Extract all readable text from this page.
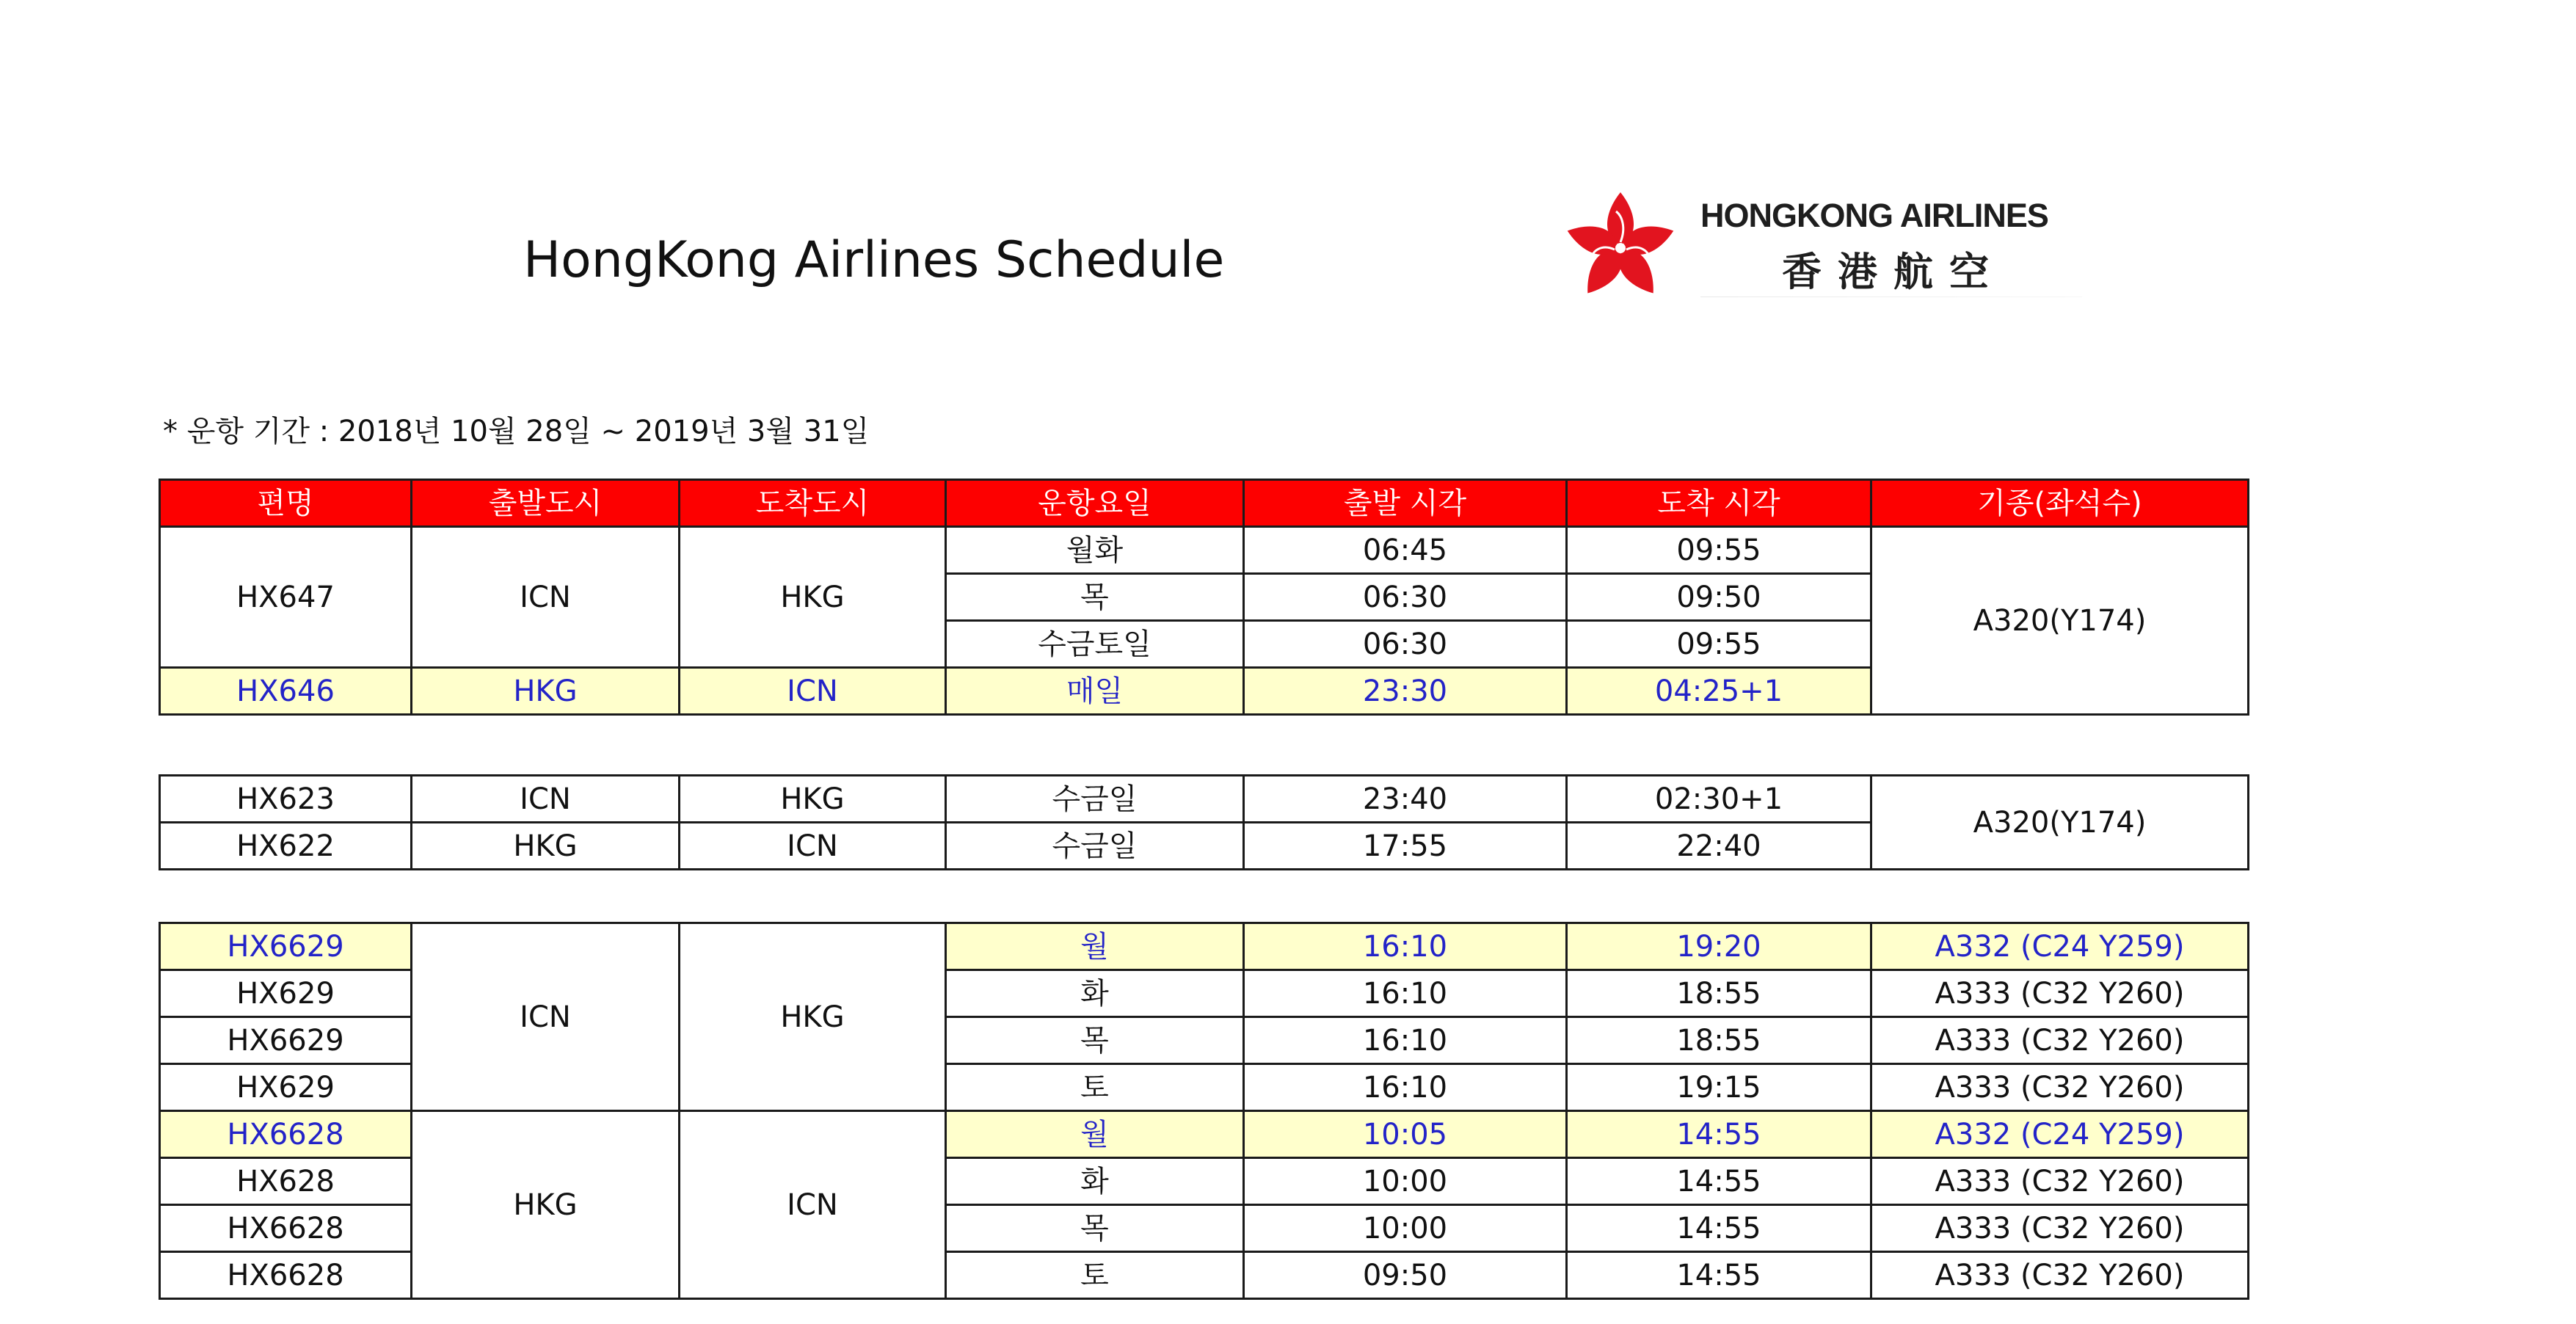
HongKong Airlines Schedule
HONGKONG AIRLINES
香港航空
* 운항 기간 : 2018년 10월 28일 ~ 2019년 3월 31일
편명	출발도시	도착도시	운항요일	출발 시각	도착 시각	기종(좌석수)
HX647	ICN	HKG	월화	06:45	09:55	A320(Y174)
			목	06:30	09:50	
			수금토일	06:30	09:55	
HX646	HKG	ICN	매일	23:30	04:25+1	
HX623	ICN	HKG	수금일	23:40	02:30+1	A320(Y174)
HX622	HKG	ICN	수금일	17:55	22:40	
HX6629	ICN	HKG	월	16:10	19:20	A332 (C24 Y259)
HX629			화	16:10	18:55	A333 (C32 Y260)
HX6629			목	16:10	18:55	A333 (C32 Y260)
HX629			토	16:10	19:15	A333 (C32 Y260)
HX6628	HKG	ICN	월	10:05	14:55	A332 (C24 Y259)
HX628			화	10:00	14:55	A333 (C32 Y260)
HX6628			목	10:00	14:55	A333 (C32 Y260)
HX6628			토	09:50	14:55	A333 (C32 Y260)
